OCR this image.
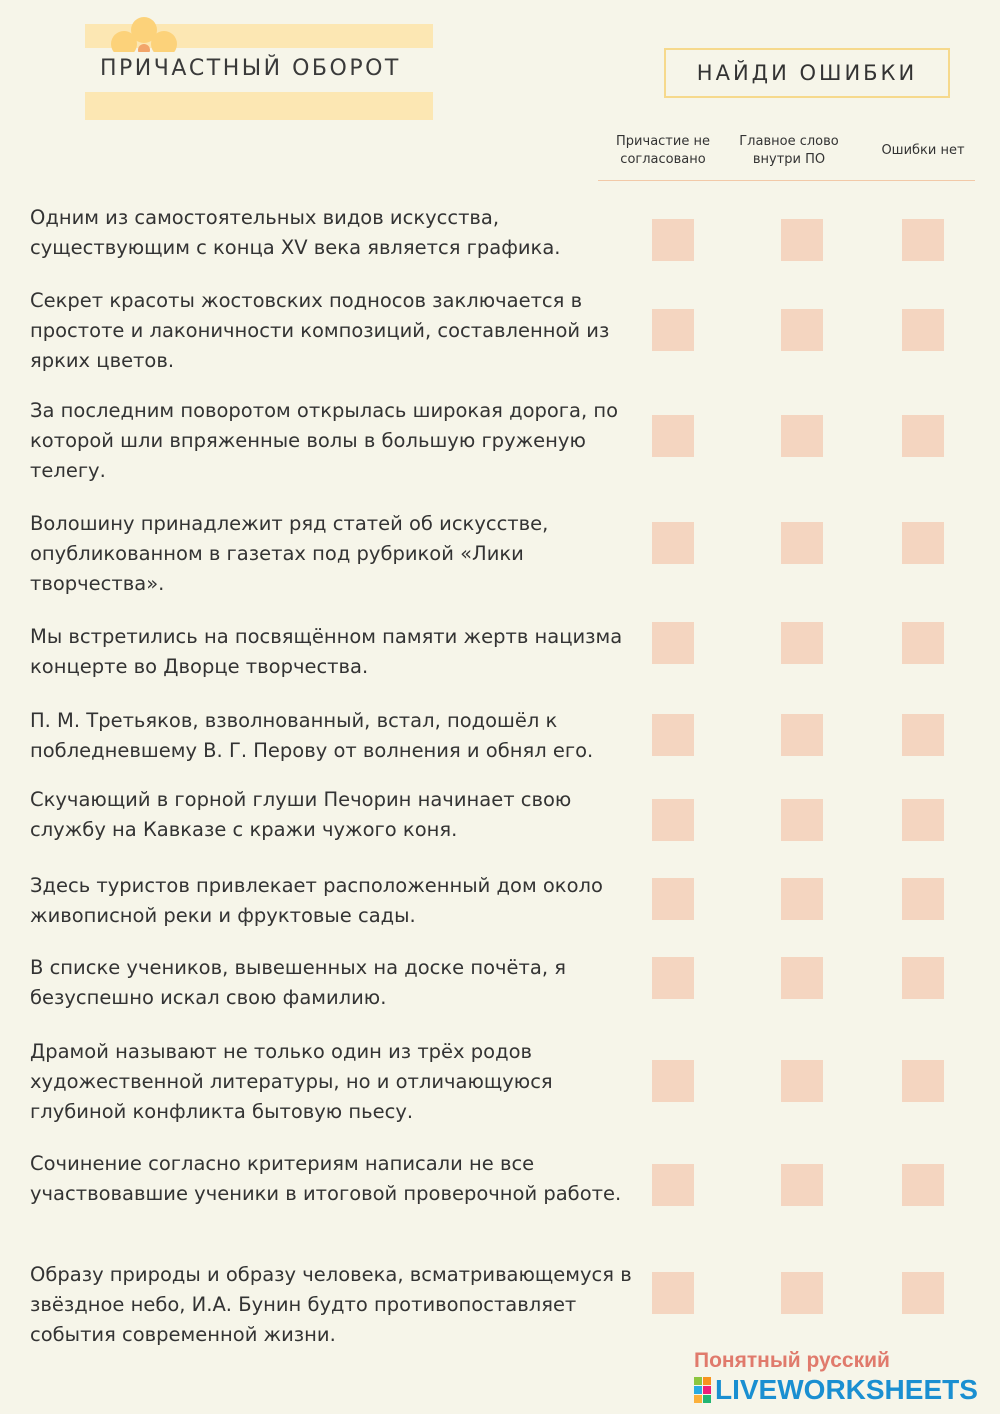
ПРИЧАСТНЫЙ ОБОРОТ	НАЙДИ ОШИБКИ
Причастие не согласовано
Главное слово внутри ПО
Ошибки нет
Одним из самостоятельных видов искусства, существующим с конца XV века является графика.
Секрет красоты жостовских подносов заключается в простоте и лаконичности композиций, составленной из ярких цветов.
За последним поворотом открылась широкая дорога, по которой шли впряженные волы в большую груженую телегу.
Волошину принадлежит ряд статей об искусстве, опубликованном в газетах под рубрикой «Лики творчества».
Мы встретились на посвящённом памяти жертв нацизма концерте во Дворце творчества.
П. М. Третьяков, взволнованный, встал, подошёл к побледневшему В. Г. Перову от волнения и обнял его.
Скучающий в горной глуши Печорин начинает свою службу на Кавказе с кражи чужого коня.
Здесь туристов привлекает расположенный дом около живописной реки и фруктовые сады.
В списке учеников, вывешенных на доске почёта, я безуспешно искал свою фамилию.
Драмой называют не только один из трёх родов художественной литературы, но и отличающуюся глубиной конфликта бытовую пьесу.
Сочинение согласно критериям написали не все участвовавшие ученики в итоговой проверочной работе.
Образу природы и образу человека, всматривающемуся в звёздное небо, И.А. Бунин будто противопоставляет события современной жизни.
Понятный русский
LIVEWORKSHEETS
